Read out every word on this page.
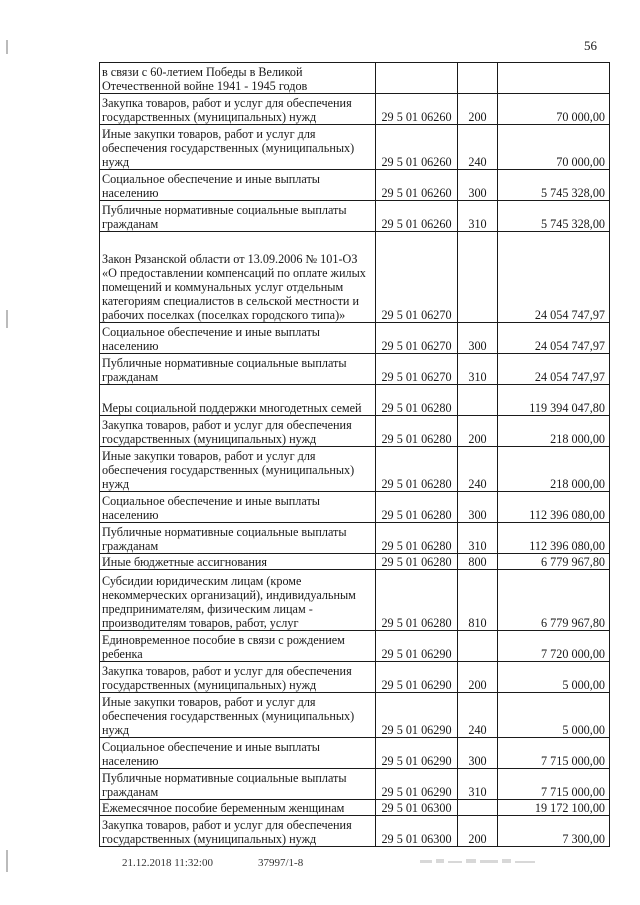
56
в связи с 60-летием Победы в Великой Отечественной войне 1941 - 1945 годов			
Закупка товаров, работ и услуг для обеспечения государственных (муниципальных) нужд	29 5 01 06260	200	70 000,00
Иные закупки товаров, работ и услуг для обеспечения государственных (муниципальных) нужд	29 5 01 06260	240	70 000,00
Социальное обеспечение и иные выплаты населению	29 5 01 06260	300	5 745 328,00
Публичные нормативные социальные выплаты гражданам	29 5 01 06260	310	5 745 328,00
Закон Рязанской области от 13.09.2006 № 101-ОЗ «О предоставлении компенсаций по оплате жилых помещений и коммунальных услуг отдельным категориям специалистов в сельской местности и рабочих поселках (поселках городского типа)»	29 5 01 06270		24 054 747,97
Социальное обеспечение и иные выплаты населению	29 5 01 06270	300	24 054 747,97
Публичные нормативные социальные выплаты гражданам	29 5 01 06270	310	24 054 747,97
Меры социальной поддержки многодетных семей	29 5 01 06280		119 394 047,80
Закупка товаров, работ и услуг для обеспечения государственных (муниципальных) нужд	29 5 01 06280	200	218 000,00
Иные закупки товаров, работ и услуг для обеспечения государственных (муниципальных) нужд	29 5 01 06280	240	218 000,00
Социальное обеспечение и иные выплаты населению	29 5 01 06280	300	112 396 080,00
Публичные нормативные социальные выплаты гражданам	29 5 01 06280	310	112 396 080,00
Иные бюджетные ассигнования	29 5 01 06280	800	6 779 967,80
Субсидии юридическим лицам (кроме некоммерческих организаций), индивидуальным предпринимателям, физическим лицам - производителям товаров, работ, услуг	29 5 01 06280	810	6 779 967,80
Единовременное пособие в связи с рождением ребенка	29 5 01 06290		7 720 000,00
Закупка товаров, работ и услуг для обеспечения государственных (муниципальных) нужд	29 5 01 06290	200	5 000,00
Иные закупки товаров, работ и услуг для обеспечения государственных (муниципальных) нужд	29 5 01 06290	240	5 000,00
Социальное обеспечение и иные выплаты населению	29 5 01 06290	300	7 715 000,00
Публичные нормативные социальные выплаты гражданам	29 5 01 06290	310	7 715 000,00
Ежемесячное пособие беременным женщинам	29 5 01 06300		19 172 100,00
Закупка товаров, работ и услуг для обеспечения государственных (муниципальных) нужд	29 5 01 06300	200	7 300,00
21.12.2018 11:32:00	37997/1-8
